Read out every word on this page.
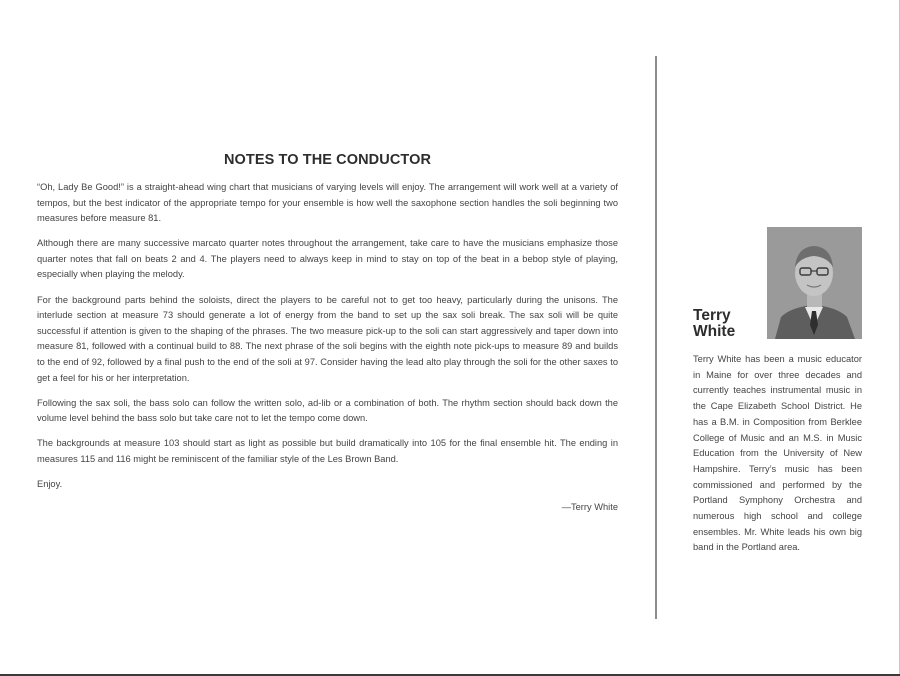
NOTES TO THE CONDUCTOR

“Oh, Lady Be Good!” is a straight-ahead wing chart that musicians of varying levels will enjoy. The arrangement will work well at a variety of tempos, but the best indicator of the appropriate tempo for your ensemble is how well the saxophone section handles the soli beginning two measures before measure 81.

Although there are many successive marcato quarter notes throughout the arrangement, take care to have the musicians emphasize those quarter notes that fall on beats 2 and 4. The players need to always keep in mind to stay on top of the beat in a bebop style of playing, especially when playing the melody.

For the background parts behind the soloists, direct the players to be careful not to get too heavy, particularly during the unisons. The interlude section at measure 73 should generate a lot of energy from the band to set up the sax soli break. The sax soli will be quite successful if attention is given to the shaping of the phrases. The two measure pick-up to the soli can start aggressively and taper down into measure 81, followed with a continual build to 88. The next phrase of the soli begins with the eighth note pick-ups to measure 89 and builds to the end of 92, followed by a final push to the end of the soli at 97. Consider having the lead alto play through the soli for the other saxes to get a feel for his or her interpretation.

Following the sax soli, the bass solo can follow the written solo, ad-lib or a combination of both. The rhythm section should back down the volume level behind the bass solo but take care not to let the tempo come down.

The backgrounds at measure 103 should start as light as possible but build dramatically into 105 for the final ensemble hit. The ending in measures 115 and 116 might be reminiscent of the familiar style of the Les Brown Band.

Enjoy.

—Terry White
Terry
White
Terry White has been a music educator in Maine for over three decades and currently teaches instrumental music in the Cape Elizabeth School District. He has a B.M. in Composition from Berklee College of Music and an M.S. in Music Education from the University of New Hampshire. Terry’s music has been commissioned and performed by the Portland Symphony Orchestra and numerous high school and college ensembles. Mr. White leads his own big band in the Portland area.
